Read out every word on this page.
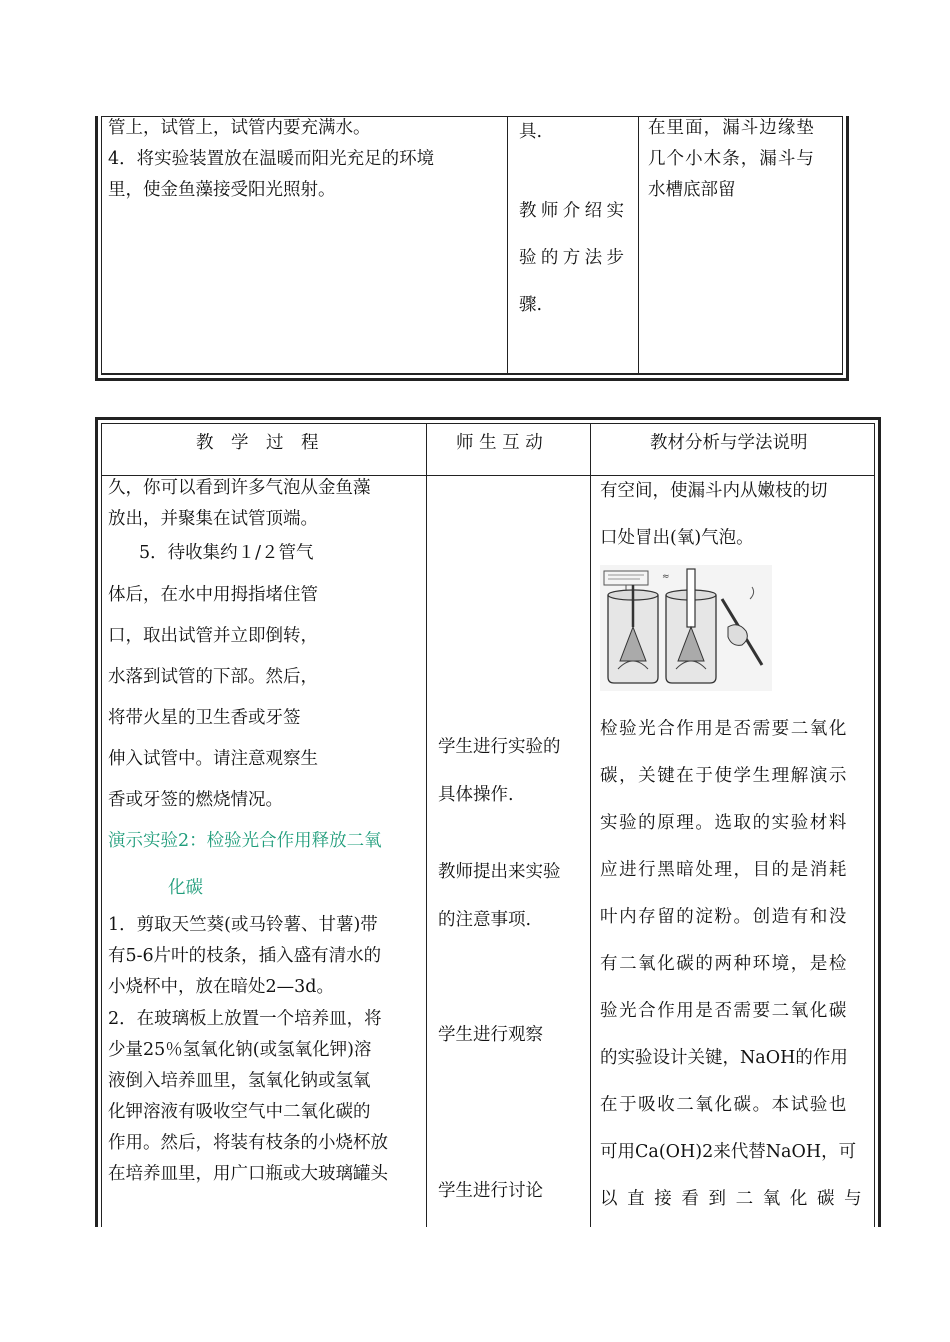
管上，试管上，试管内要充满水。
4．将实验装置放在温暖而阳光充足的环境
里，使金鱼藻接受阳光照射。
具.
教师介绍实
验的方法步
骤.
在里面，漏斗边缘垫
几个小木条，漏斗与
水槽底部留
教　学　过　程	师 生 互 动	教材分析与学法说明
久，你可以看到许多气泡从金鱼藻
放出，并聚集在试管顶端。
5．待收集约１/２管气
体后，在水中用拇指堵住管
口，取出试管并立即倒转，
水落到试管的下部。然后，
将带火星的卫生香或牙签
伸入试管中。请注意观察生
香或牙签的燃烧情况。
演示实验2：检验光合作用释放二氧
化碳
1．剪取天竺葵(或马铃薯、甘薯)带
有5-6片叶的枝条，插入盛有清水的
小烧杯中，放在暗处2—3d。
2．在玻璃板上放置一个培养皿，将
少量25％氢氧化钠(或氢氧化钾)溶
液倒入培养皿里，氢氧化钠或氢氧
化钾溶液有吸收空气中二氧化碳的
作用。然后，将装有枝条的小烧杯放
在培养皿里，用广口瓶或大玻璃罐头
学生进行实验的
具体操作.
教师提出来实验
的注意事项.
学生进行观察
学生进行讨论
有空间，使漏斗内从嫩枝的切
口处冒出(氧)气泡。
≈
检验光合作用是否需要二氧化
碳，关键在于使学生理解演示
实验的原理。选取的实验材料
应进行黑暗处理，目的是消耗
叶内存留的淀粉。创造有和没
有二氧化碳的两种环境，是检
验光合作用是否需要二氧化碳
的实验设计关键，NaOH的作用
在于吸收二氧化碳。本试验也
可用Ca(OH)2来代替NaOH，可
以直接看到二氧化碳与
